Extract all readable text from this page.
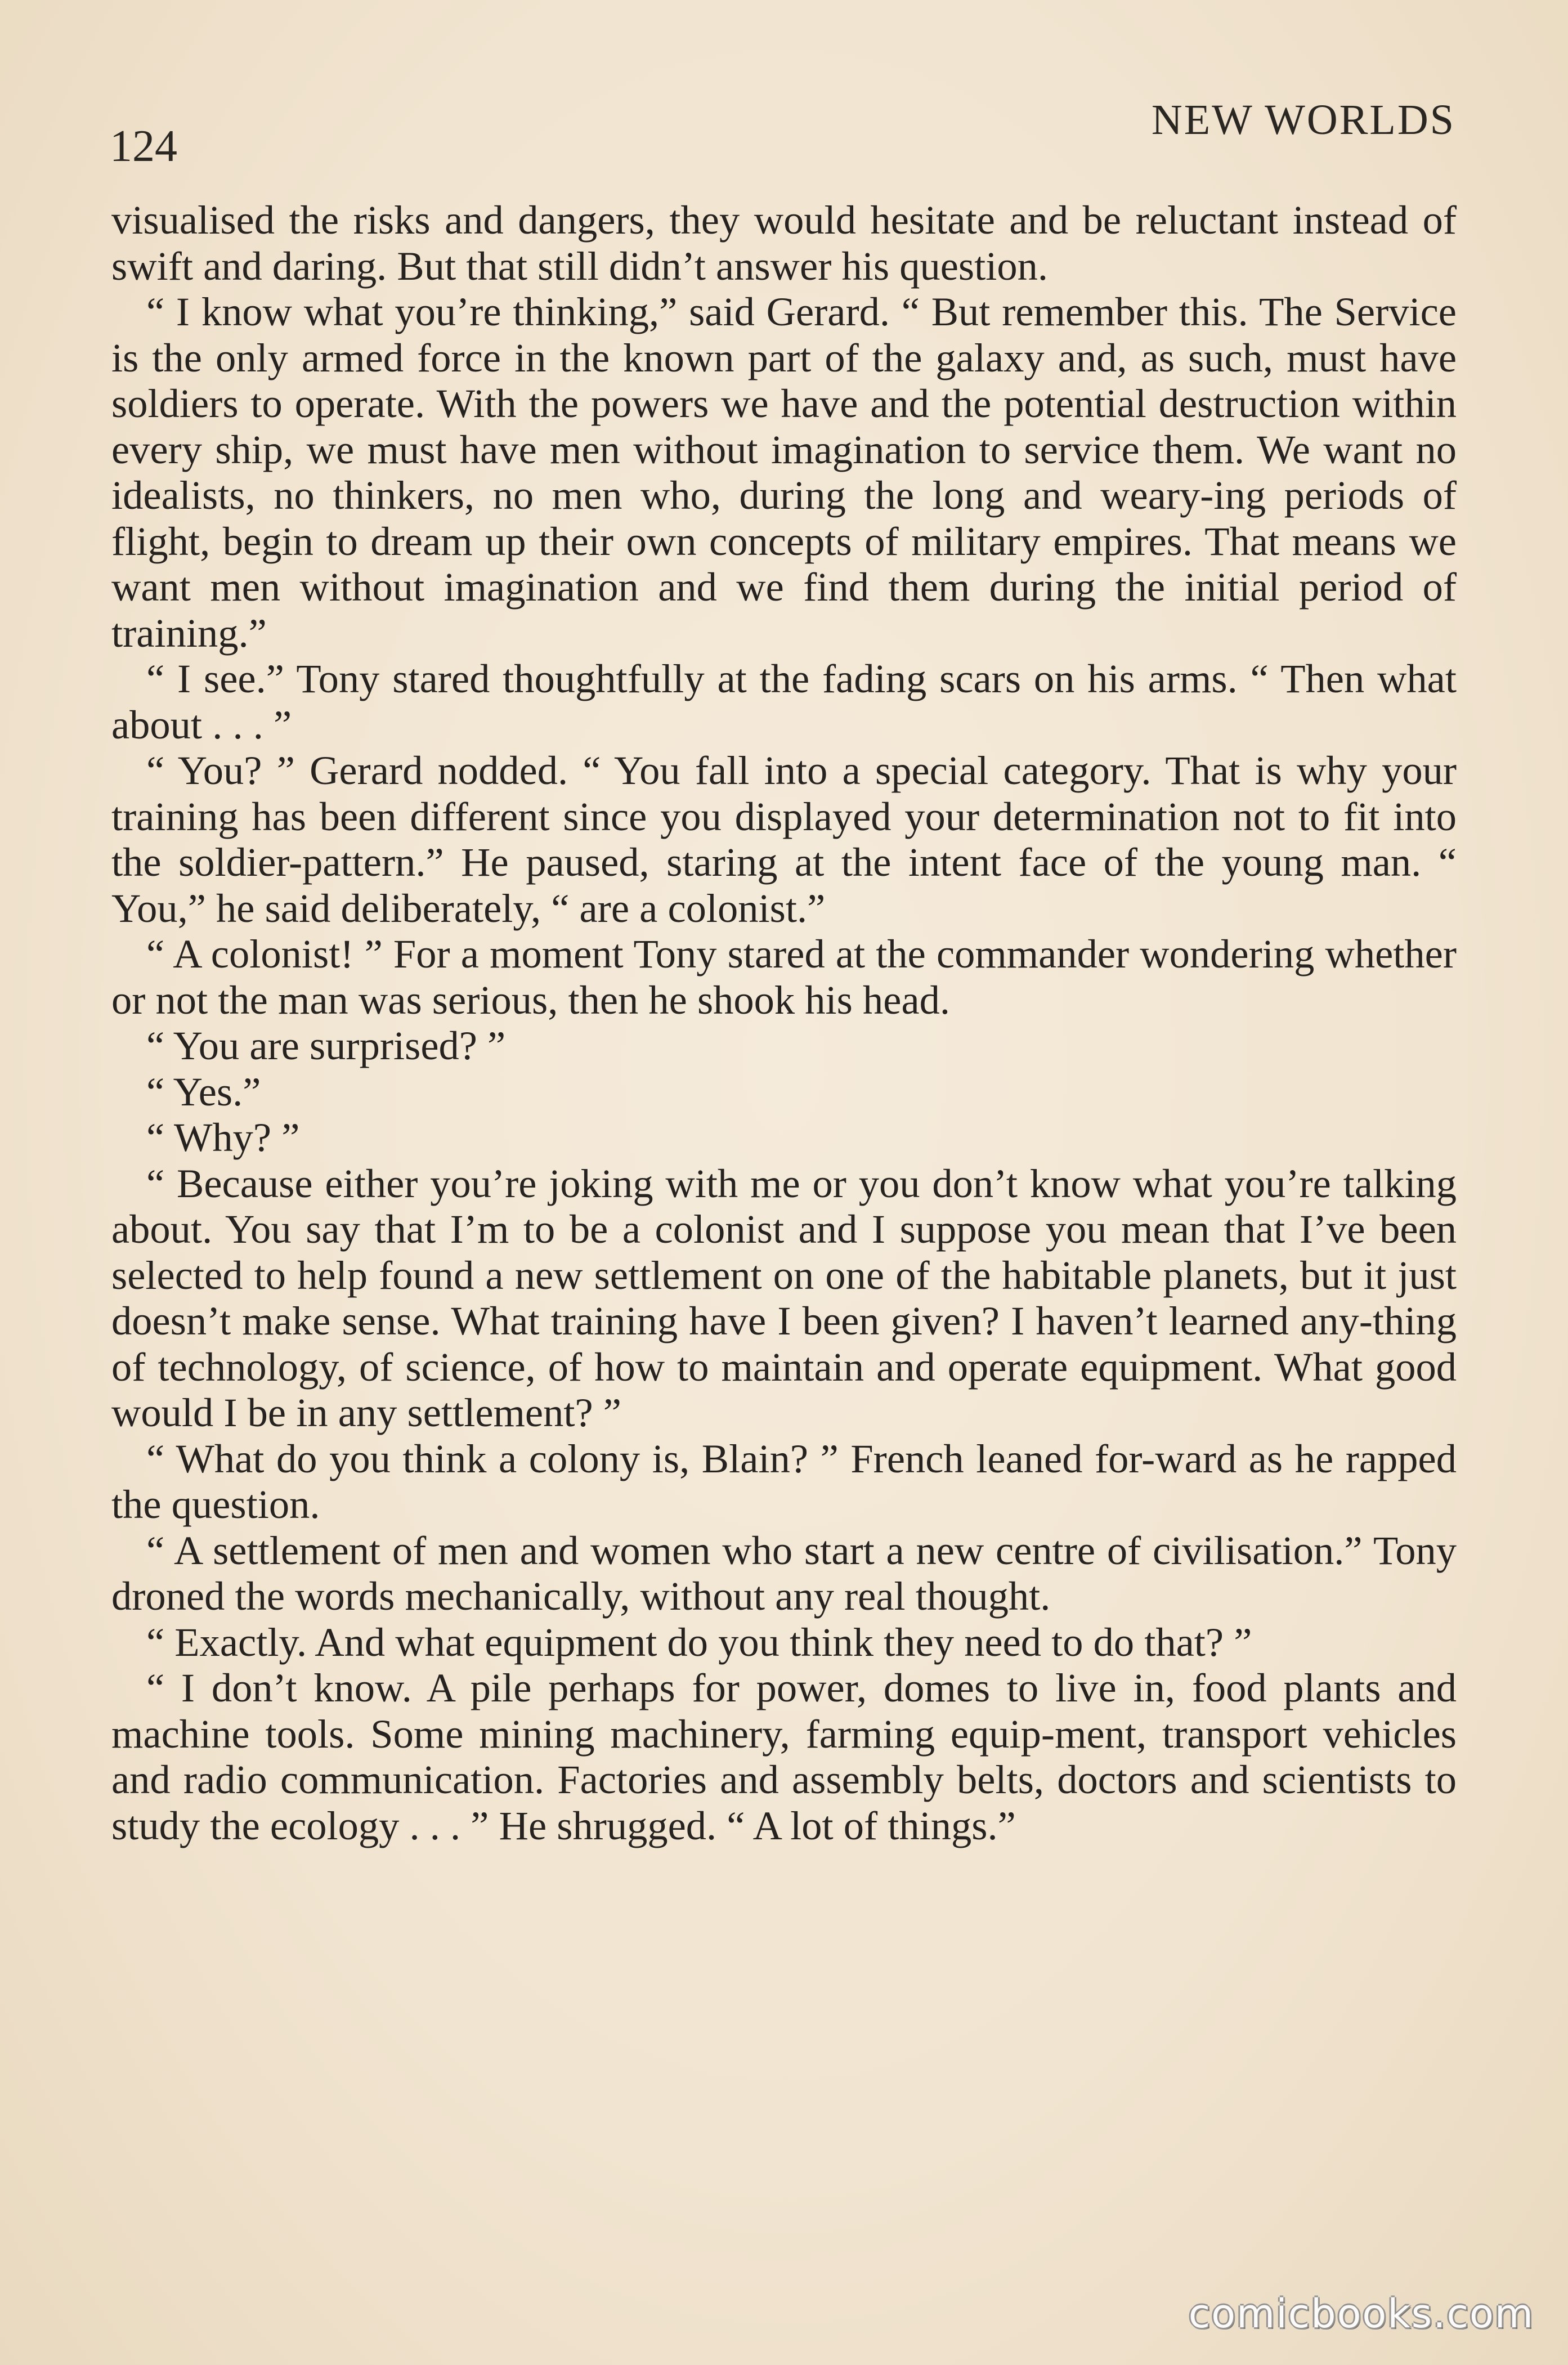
124
NEW WORLDS

visualised the risks and dangers, they would hesitate and be reluctant instead of swift and daring. But that still didn’t answer his question.

“ I know what you’re thinking,” said Gerard. “ But remember this. The Service is the only armed force in the known part of the galaxy and, as such, must have soldiers to operate. With the powers we have and the potential destruction within every ship, we must have men without imagination to service them. We want no idealists, no thinkers, no men who, during the long and weary-ing periods of flight, begin to dream up their own concepts of military empires. That means we want men without imagination and we find them during the initial period of training.”

“ I see.” Tony stared thoughtfully at the fading scars on his arms. “ Then what about . . . ”

“ You? ” Gerard nodded. “ You fall into a special category. That is why your training has been different since you displayed your determination not to fit into the soldier-pattern.” He paused, staring at the intent face of the young man. “ You,” he said deliberately, “ are a colonist.”

“ A colonist! ” For a moment Tony stared at the commander wondering whether or not the man was serious, then he shook his head.

“ You are surprised? ”

“ Yes.”

“ Why? ”

“ Because either you’re joking with me or you don’t know what you’re talking about. You say that I’m to be a colonist and I suppose you mean that I’ve been selected to help found a new settlement on one of the habitable planets, but it just doesn’t make sense. What training have I been given? I haven’t learned any-thing of technology, of science, of how to maintain and operate equipment. What good would I be in any settlement? ”

“ What do you think a colony is, Blain? ” French leaned for-ward as he rapped the question.

“ A settlement of men and women who start a new centre of civilisation.” Tony droned the words mechanically, without any real thought.

“ Exactly. And what equipment do you think they need to do that? ”

“ I don’t know. A pile perhaps for power, domes to live in, food plants and machine tools. Some mining machinery, farming equip-ment, transport vehicles and radio communication. Factories and assembly belts, doctors and scientists to study the ecology . . . ” He shrugged. “ A lot of things.”

comicbooks.com
